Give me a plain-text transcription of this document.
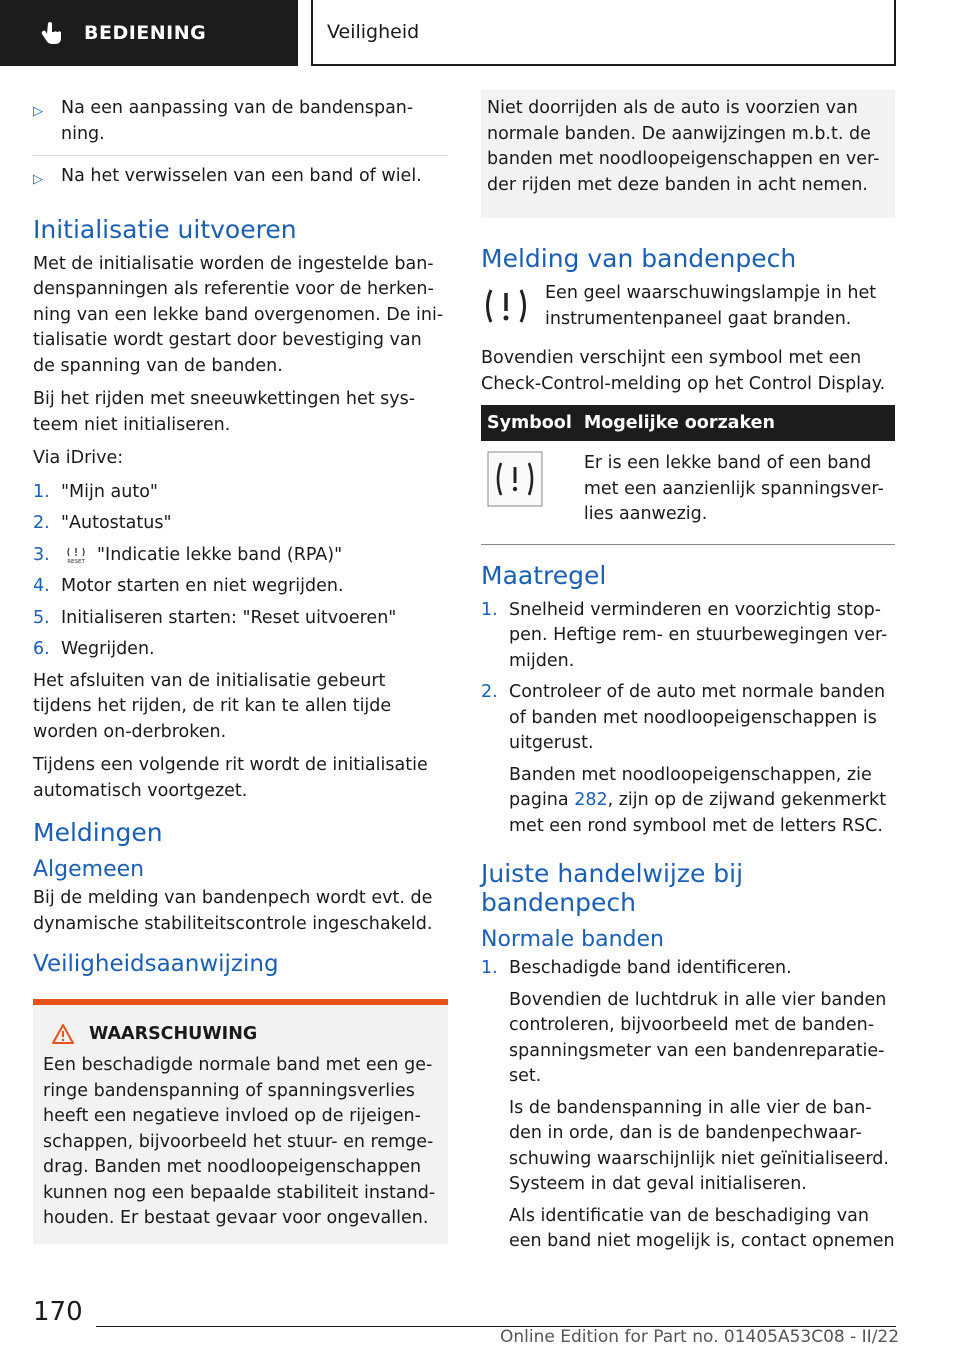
BEDIENING	Veiligheid
▷	Na een aanpassing van de bandenspan-ning.
▷	Na het verwisselen van een band of wiel.
Initialisatie uitvoeren

Met de initialisatie worden de ingestelde ban-denspanningen als referentie voor de herken-ning van een lekke band overgenomen. De ini-tialisatie wordt gestart door bevestiging van de spanning van de banden.

Bij het rijden met sneeuwkettingen het sys-teem niet initialiseren.

Via iDrive:

1. "Mijn auto"
2. "Autostatus"
3.	RESET "Indicatie lekke band (RPA)"
4. Motor starten en niet wegrijden.
5. Initialiseren starten: "Reset uitvoeren"
6. Wegrijden.

Het afsluiten van de initialisatie gebeurt tijdens het rijden, de rit kan te allen tijde worden on-derbroken.

Tijdens een volgende rit wordt de initialisatie automatisch voortgezet.

Meldingen
Algemeen

Bij de melding van bandenpech wordt evt. de dynamische stabiliteitscontrole ingeschakeld.

Veiligheidsaanwijzing
WAARSCHUWING

Een beschadigde normale band met een ge-ringe bandenspanning of spanningsverlies heeft een negatieve invloed op de rijeigen-schappen, bijvoorbeeld het stuur- en remge-drag. Banden met noodloopeigenschappen kunnen nog een bepaalde stabiliteit instand-houden. Er bestaat gevaar voor ongevallen.

Niet doorrijden als de auto is voorzien van normale banden. De aanwijzingen m.b.t. de banden met noodloopeigenschappen en ver-der rijden met deze banden in acht nemen.

Melding van bandenpech

Een geel waarschuwingslampje in het instrumentenpaneel gaat branden.

Bovendien verschijnt een symbool met een Check-Control-melding op het Control Display.

Symbool	Mogelijke oorzaken
	Er is een lekke band of een band met een aanzienlijk spanningsver-lies aanwezig.
Maatregel
1. Snelheid verminderen en voorzichtig stop-pen. Heftige rem- en stuurbewegingen ver-mijden.
2. Controleer of de auto met normale banden of banden met noodloopeigenschappen is uitgerust.

Banden met noodloopeigenschappen, zie pagina 282, zijn op de zijwand gekenmerkt met een rond symbool met de letters RSC.

Juiste handelwijze bij bandenpech
Normale banden
1. Beschadigde band identificeren.

Bovendien de luchtdruk in alle vier banden controleren, bijvoorbeeld met de banden-spanningsmeter van een bandenreparatie-set.

Is de bandenspanning in alle vier de ban-den in orde, dan is de bandenpechwaar-schuwing waarschijnlijk niet geïnitialiseerd. Systeem in dat geval initialiseren.

Als identificatie van de beschadiging van een band niet mogelijk is, contact opnemen

170
Online Edition for Part no. 01405A53C08 - II/22
